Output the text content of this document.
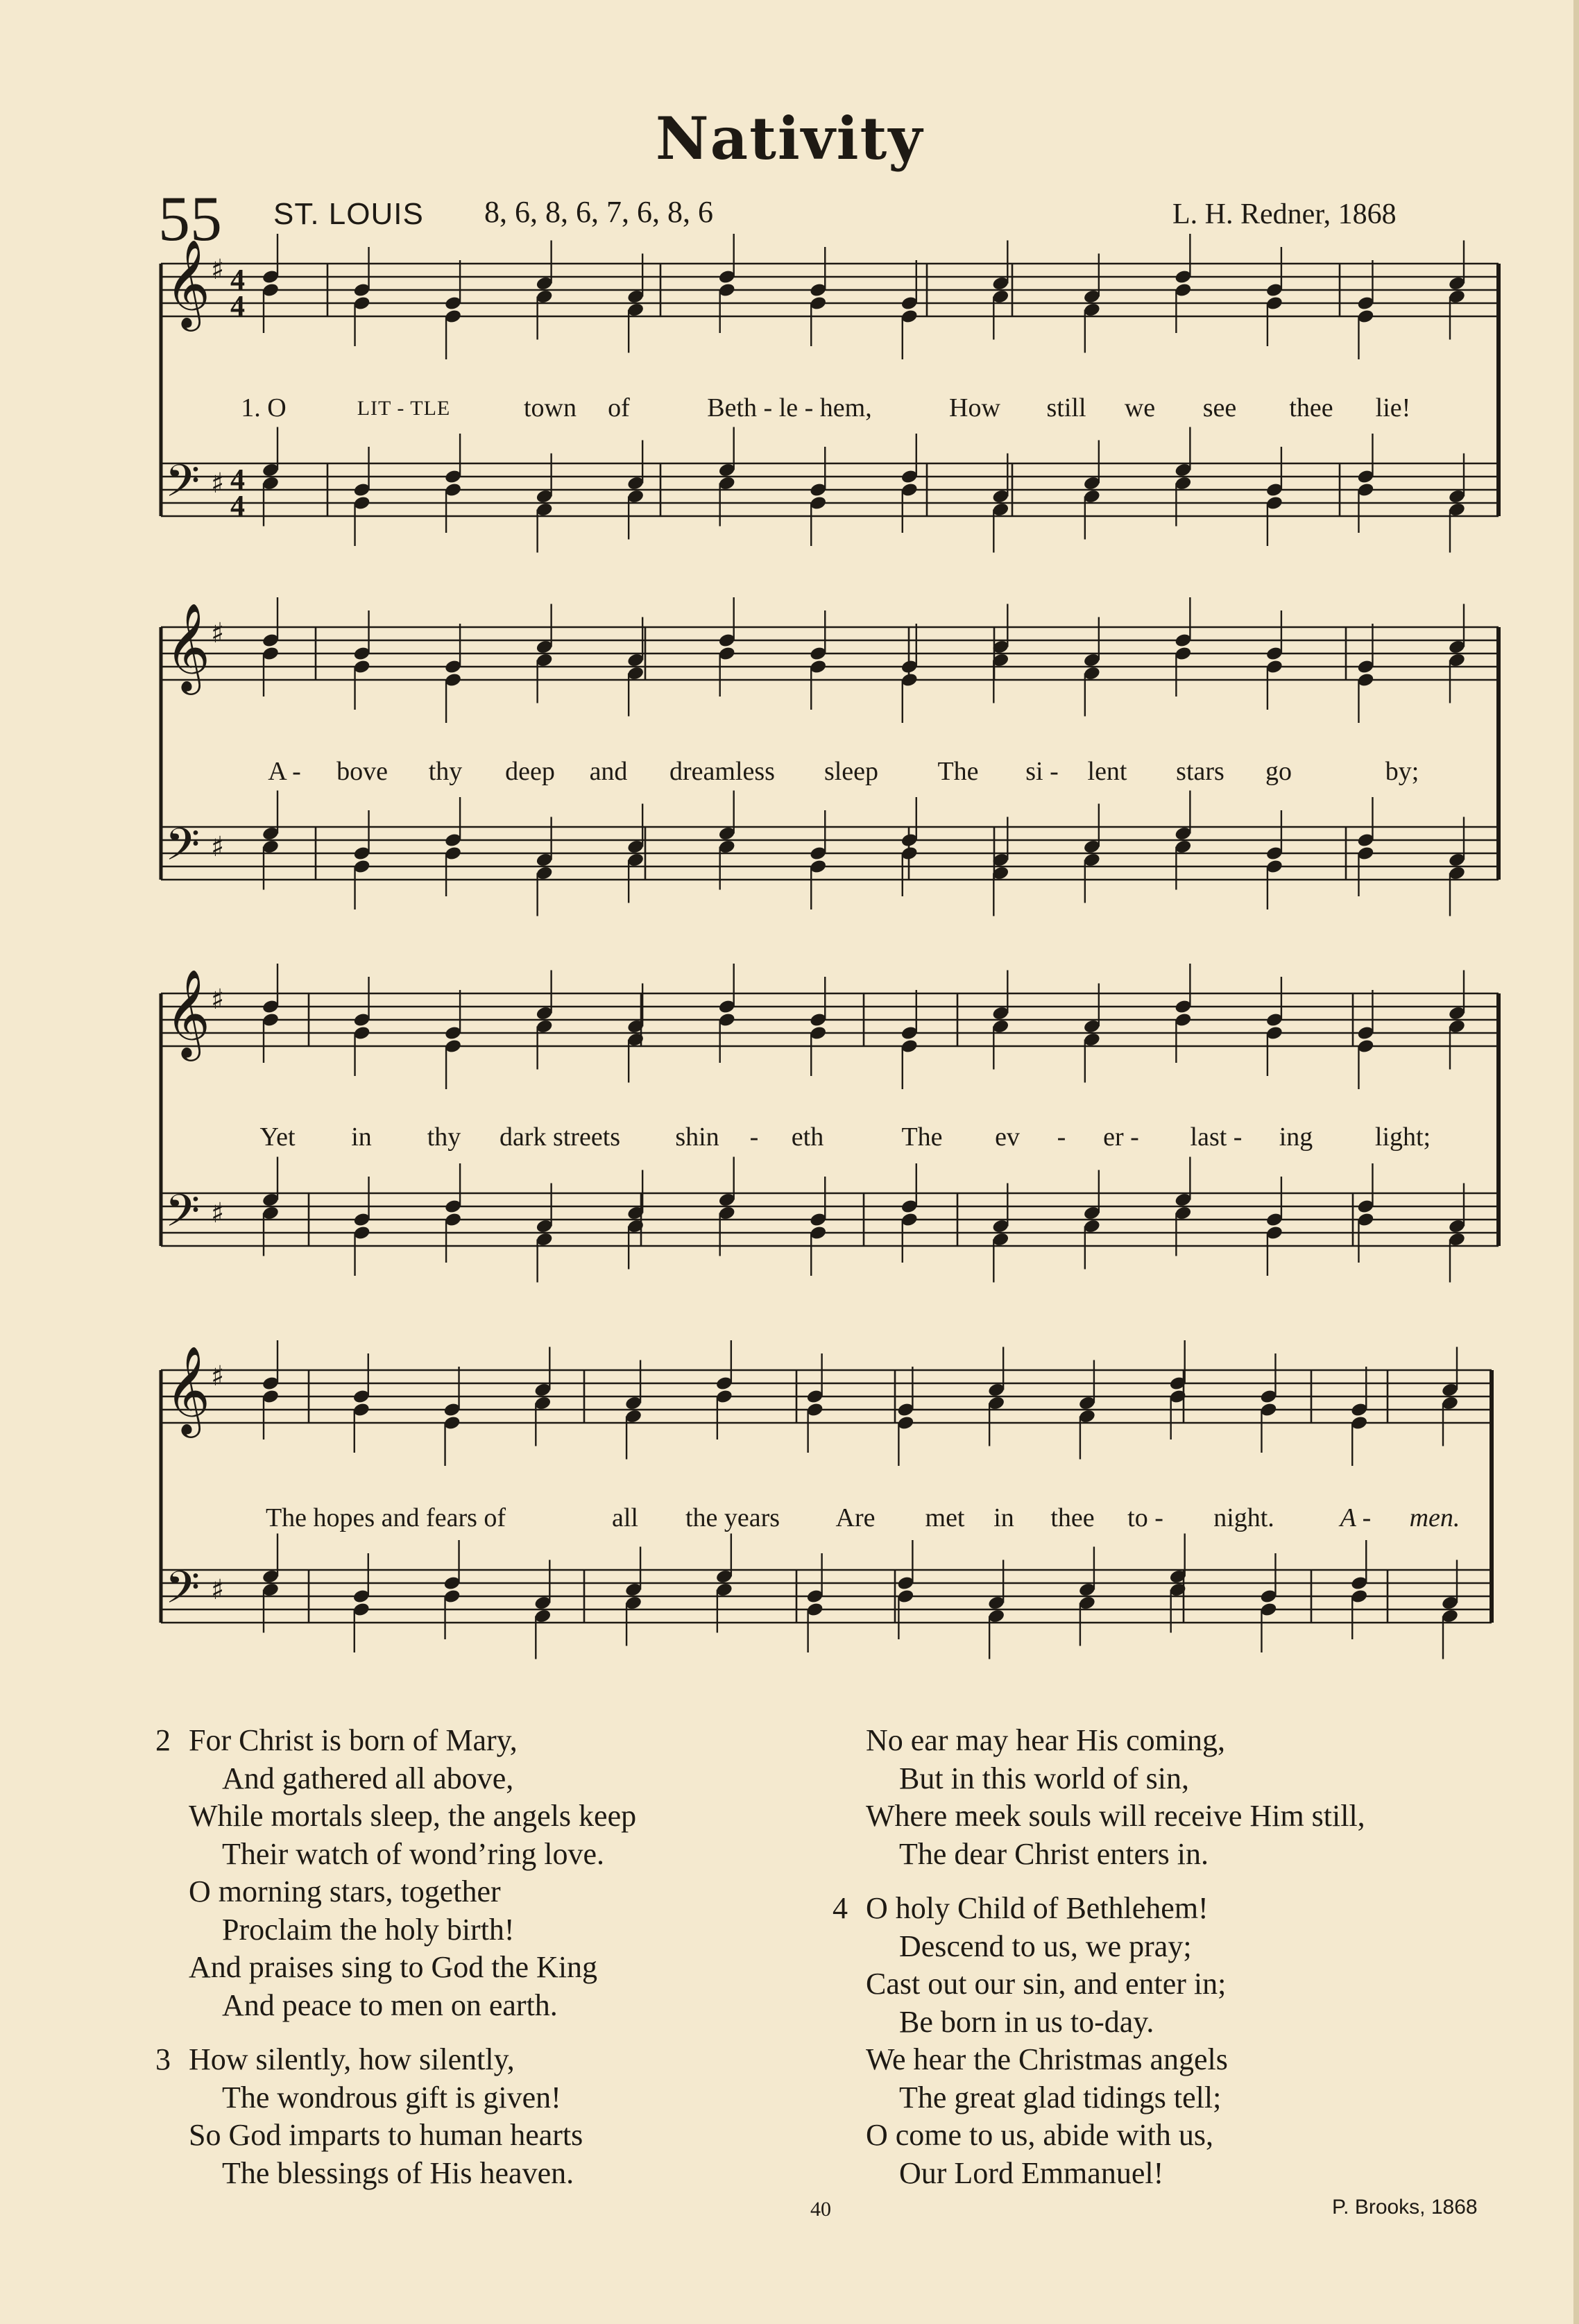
Nativity
55 ST. LOUIS 8, 6, 8, 6, 7, 6, 8, 6	L. H. Redner, 1868
𝄞 ♯ 4
4
𝄢 ♯ 4
4
𝄞 ♯
𝄢 ♯
𝄞 ♯
𝄢 ♯
𝄞 ♯
𝄢 ♯
1. O	LIT - TLE	town of	Beth - le - hem,	How still we see thee lie!
A - bove thy deep and dreamless sleep The si - lent stars go	by;
Yet in thy dark streets shin - eth	The ev - er - last - ing light;
The hopes and fears of	all the years Are met in thee to - night. A - men.
2 For Christ is born of Mary,
And gathered all above,
While mortals sleep, the angels keep
Their watch of wond’ring love.
O morning stars, together
Proclaim the holy birth!
And praises sing to God the King
And peace to men on earth.
3 How silently, how silently,
The wondrous gift is given!
So God imparts to human hearts
The blessings of His heaven.
No ear may hear His coming,
But in this world of sin,
Where meek souls will receive Him still,
The dear Christ enters in.
4 O holy Child of Bethlehem!
Descend to us, we pray;
Cast out our sin, and enter in;
Be born in us to-day.
We hear the Christmas angels
The great glad tidings tell;
O come to us, abide with us,
Our Lord Emmanuel!
40	P. Brooks, 1868
